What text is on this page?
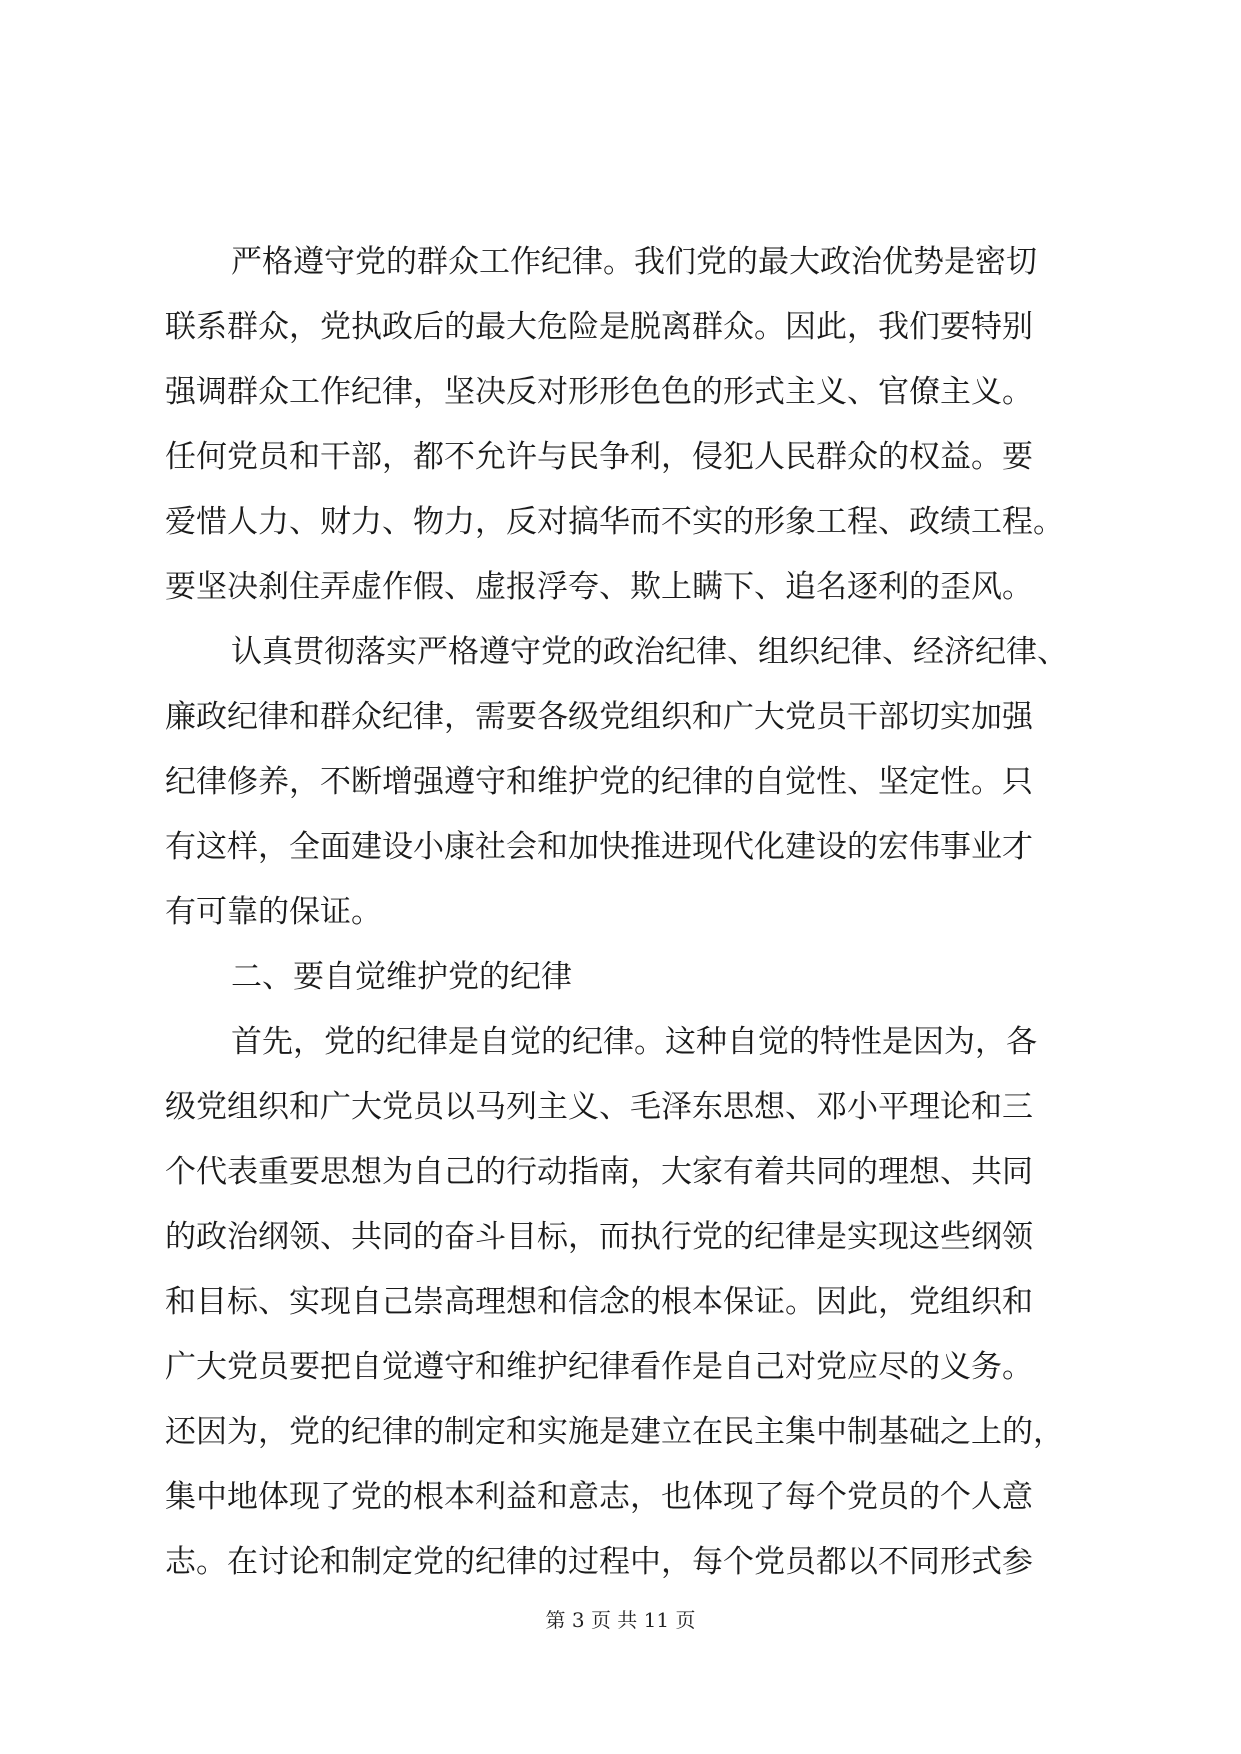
严格遵守党的群众工作纪律。我们党的最大政治优势是密切
联系群众，党执政后的最大危险是脱离群众。因此，我们要特别
强调群众工作纪律，坚决反对形形色色的形式主义、官僚主义。
任何党员和干部，都不允许与民争利，侵犯人民群众的权益。要
爱惜人力、财力、物力，反对搞华而不实的形象工程、政绩工程。
要坚决刹住弄虚作假、虚报浮夸、欺上瞒下、追名逐利的歪风。
认真贯彻落实严格遵守党的政治纪律、组织纪律、经济纪律、
廉政纪律和群众纪律，需要各级党组织和广大党员干部切实加强
纪律修养，不断增强遵守和维护党的纪律的自觉性、坚定性。只
有这样，全面建设小康社会和加快推进现代化建设的宏伟事业才
有可靠的保证。
二、要自觉维护党的纪律
首先，党的纪律是自觉的纪律。这种自觉的特性是因为，各
级党组织和广大党员以马列主义、毛泽东思想、邓小平理论和三
个代表重要思想为自己的行动指南，大家有着共同的理想、共同
的政治纲领、共同的奋斗目标，而执行党的纪律是实现这些纲领
和目标、实现自己崇高理想和信念的根本保证。因此，党组织和
广大党员要把自觉遵守和维护纪律看作是自己对党应尽的义务。
还因为，党的纪律的制定和实施是建立在民主集中制基础之上的，
集中地体现了党的根本利益和意志，也体现了每个党员的个人意
志。在讨论和制定党的纪律的过程中，每个党员都以不同形式参
第 3 页 共 11 页
